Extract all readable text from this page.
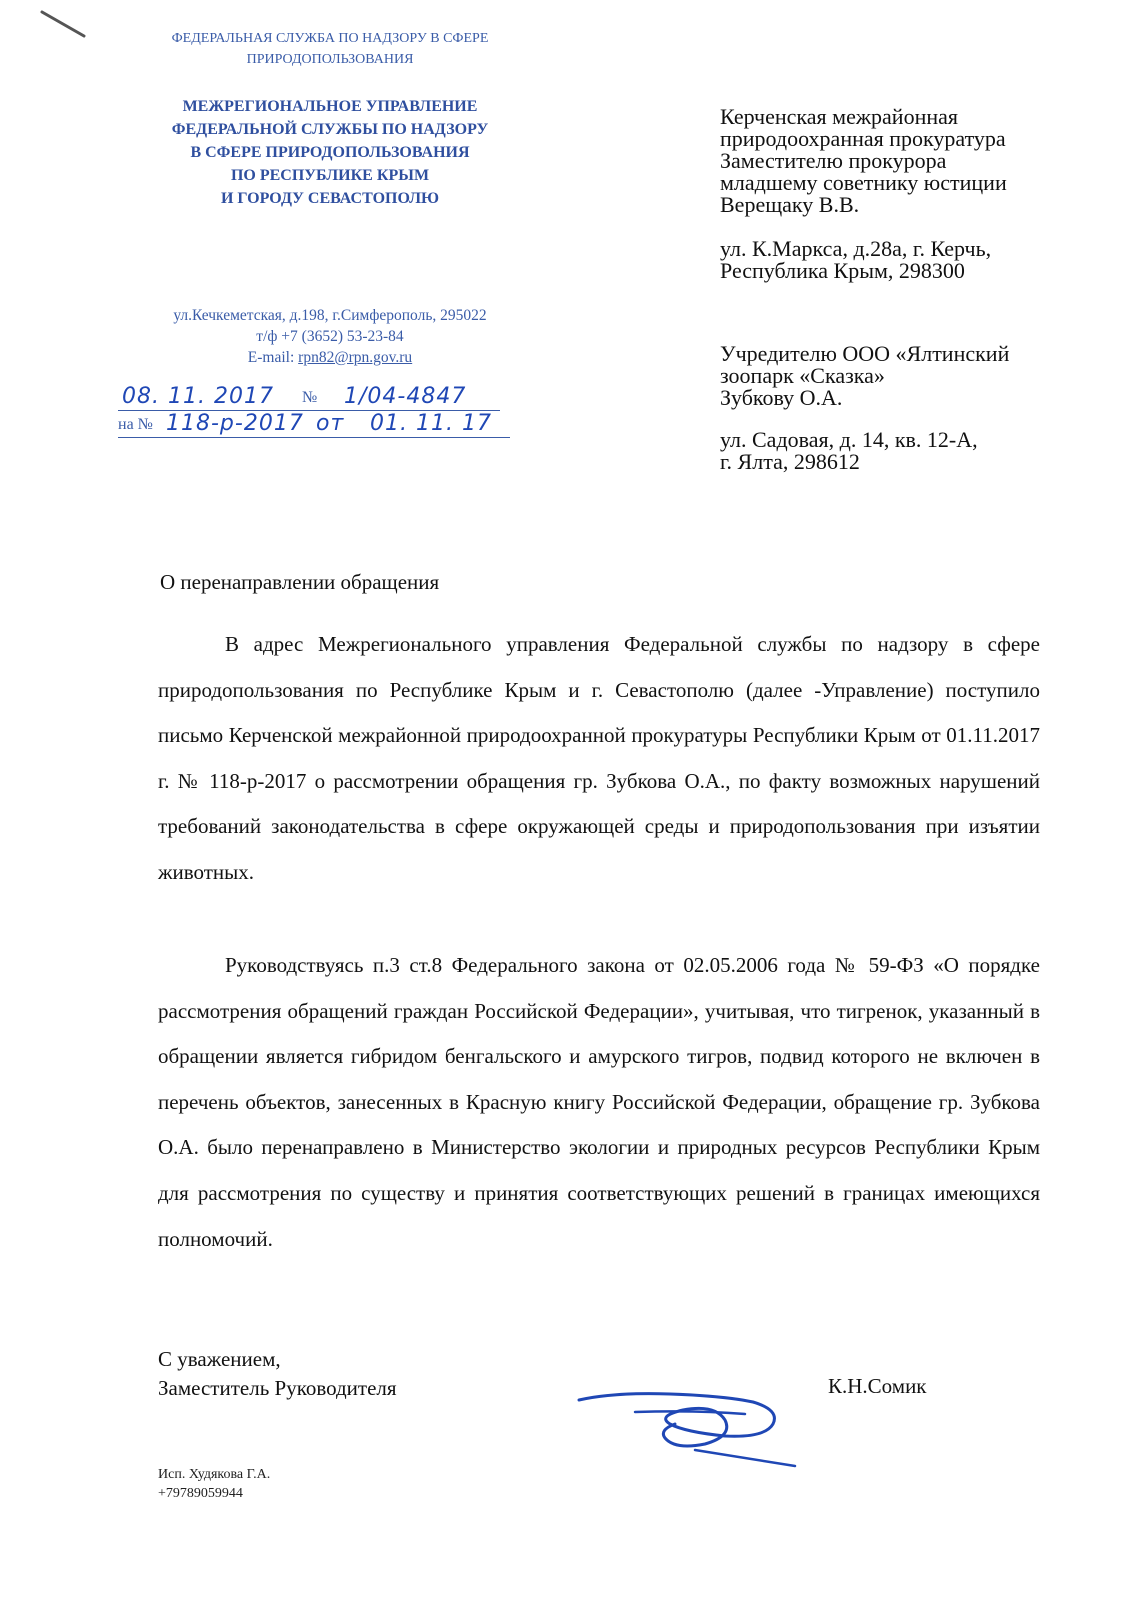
ФЕДЕРАЛЬНАЯ СЛУЖБА ПО НАДЗОРУ В СФЕРЕ
ПРИРОДОПОЛЬЗОВАНИЯ
МЕЖРЕГИОНАЛЬНОЕ УПРАВЛЕНИЕ
ФЕДЕРАЛЬНОЙ СЛУЖБЫ ПО НАДЗОРУ
В СФЕРЕ ПРИРОДОПОЛЬЗОВАНИЯ
ПО РЕСПУБЛИКЕ КРЫМ
И ГОРОДУ СЕВАСТОПОЛЮ
ул.Кечкеметская, д.198, г.Симферополь, 295022
т/ф +7 (3652) 53-23-84
E-mail: rpn82@rpn.gov.ru
08. 11. 2017 № 1/04-4847
на № 118-р-2017 от 01. 11. 17
Керченская межрайонная
природоохранная прокуратура
Заместителю прокурора
младшему советнику юстиции
Верещаку В.В.
ул. К.Маркса, д.28а, г. Керчь,
Республика Крым, 298300
Учредителю ООО «Ялтинский
зоопарк «Сказка»
Зубкову О.А.
ул. Садовая, д. 14, кв. 12-А,
г. Ялта, 298612
О перенаправлении обращения

В адрес Межрегионального управления Федеральной службы по надзору в сфере природопользования по Республике Крым и г. Севастополю (далее -Управление) поступило письмо Керченской межрайонной природоохранной прокуратуры Республики Крым от 01.11.2017 г. № 118-р-2017 о рассмотрении обращения гр. Зубкова О.А., по факту возможных нарушений требований законодательства в сфере окружающей среды и природопользования при изъятии животных.

Руководствуясь п.3 ст.8 Федерального закона от 02.05.2006 года № 59-ФЗ «О порядке рассмотрения обращений граждан Российской Федерации», учитывая, что тигренок, указанный в обращении является гибридом бенгальского и амурского тигров, подвид которого не включен в перечень объектов, занесенных в Красную книгу Российской Федерации, обращение гр. Зубкова О.А. было перенаправлено в Министерство экологии и природных ресурсов Республики Крым для рассмотрения по существу и принятия соответствующих решений в границах имеющихся полномочий.

С уважением,
Заместитель Руководителя	К.Н.Сомик
Исп. Худякова Г.А.
+79789059944
